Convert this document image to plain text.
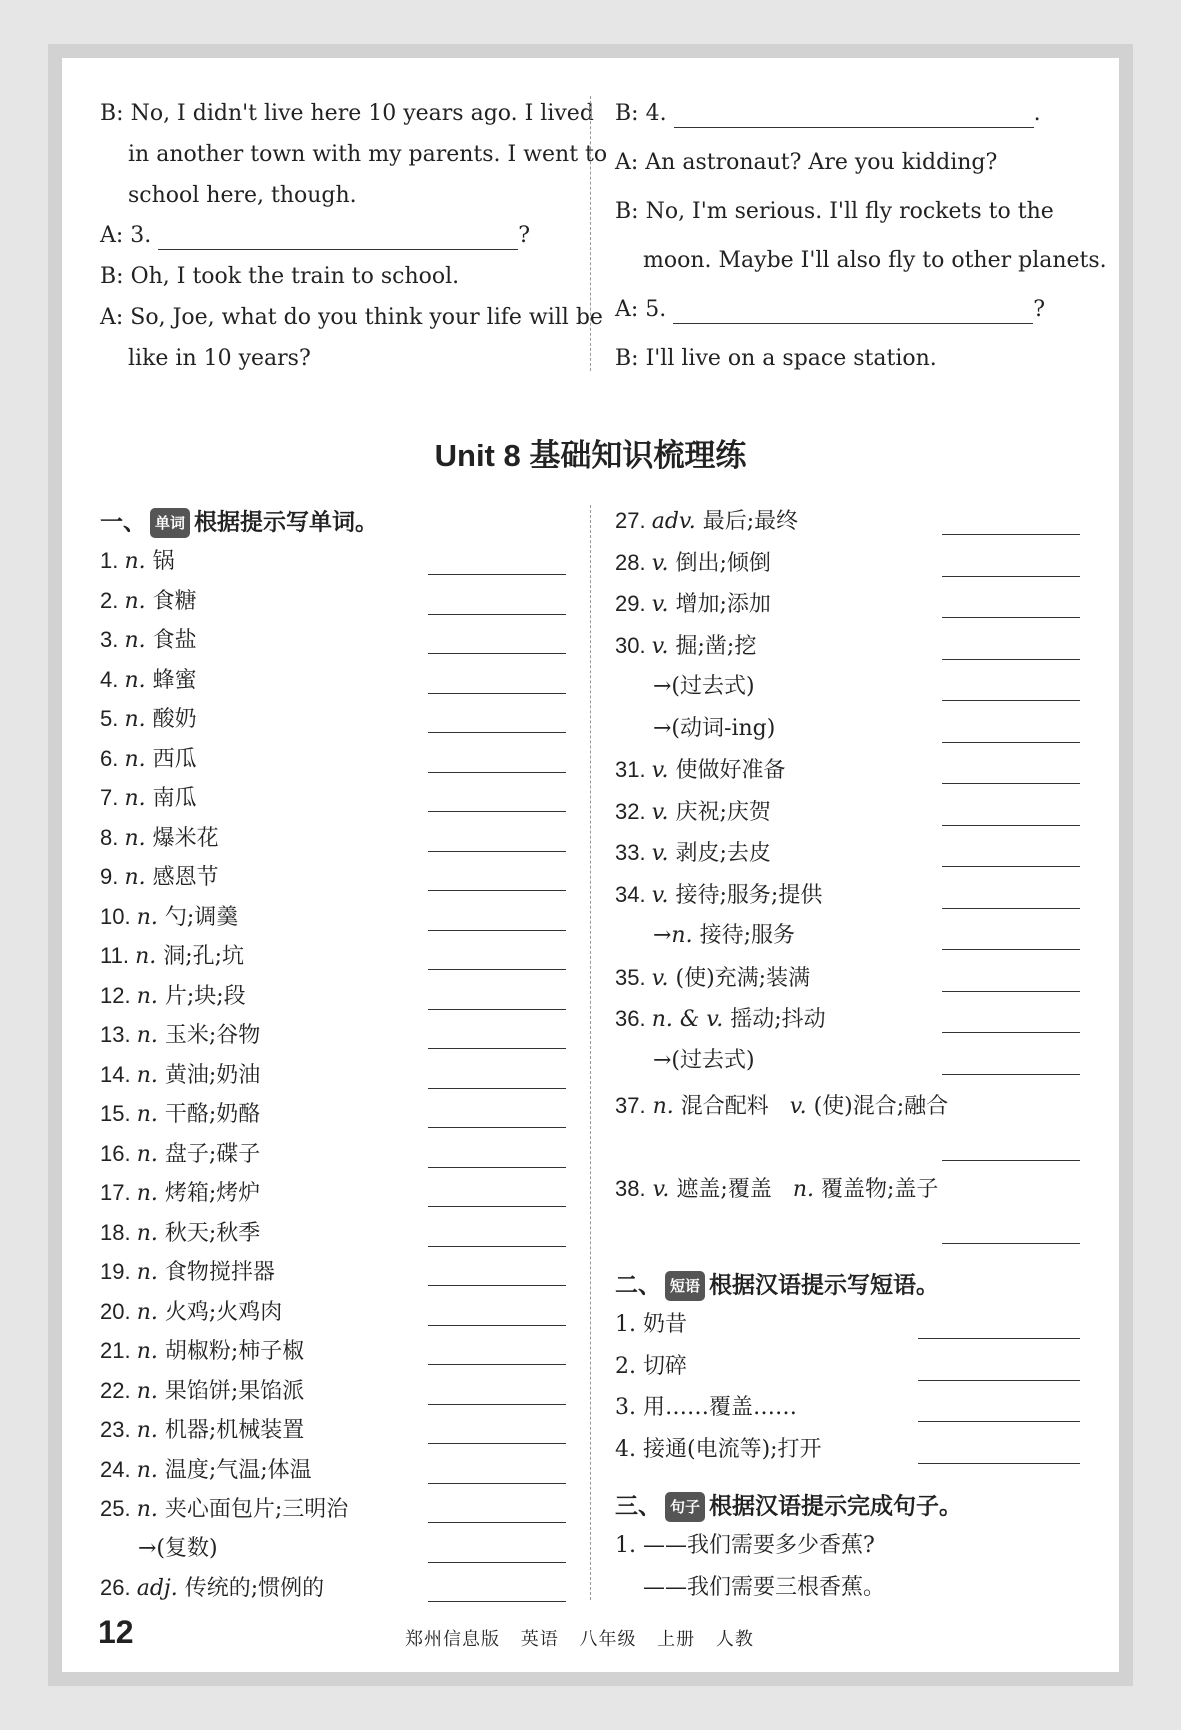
B: No, I didn't live here 10 years ago. I lived
in another town with my parents. I went to
school here, though.
A: 3.	?
B: Oh, I took the train to school.
A: So, Joe, what do you think your life will be
like in 10 years?
B: 4.	.
A: An astronaut? Are you kidding?
B: No, I'm serious. I'll fly rockets to the
moon. Maybe I'll also fly to other planets.
A: 5.	?
B: I'll live on a space station.
Unit 8 基础知识梳理练
一、 单词 根据提示写单词。
1. n. 锅
2. n. 食糖
3. n. 食盐
4. n. 蜂蜜
5. n. 酸奶
6. n. 西瓜
7. n. 南瓜
8. n. 爆米花
9. n. 感恩节
10. n. 勺;调羹
11. n. 洞;孔;坑
12. n. 片;块;段
13. n. 玉米;谷物
14. n. 黄油;奶油
15. n. 干酪;奶酪
16. n. 盘子;碟子
17. n. 烤箱;烤炉
18. n. 秋天;秋季
19. n. 食物搅拌器
20. n. 火鸡;火鸡肉
21. n. 胡椒粉;柿子椒
22. n. 果馅饼;果馅派
23. n. 机器;机械装置
24. n. 温度;气温;体温
25. n. 夹心面包片;三明治
→(复数)
26. adj. 传统的;惯例的
27. adv. 最后;最终
28. v. 倒出;倾倒
29. v. 增加;添加
30. v. 掘;凿;挖
→(过去式)
→(动词-ing)
31. v. 使做好准备
32. v. 庆祝;庆贺
33. v. 剥皮;去皮
34. v. 接待;服务;提供
→n. 接待;服务
35. v. (使)充满;装满
36. n. & v. 摇动;抖动
→(过去式)
37. n. 混合配料 v. (使)混合;融合
38. v. 遮盖;覆盖 n. 覆盖物;盖子
二、 短语 根据汉语提示写短语。
1. 奶昔
2. 切碎
3. 用……覆盖……
4. 接通(电流等);打开
三、 句子 根据汉语提示完成句子。
1. ——我们需要多少香蕉?
——我们需要三根香蕉。
12	郑州信息版 英语 八年级 上册 人教
